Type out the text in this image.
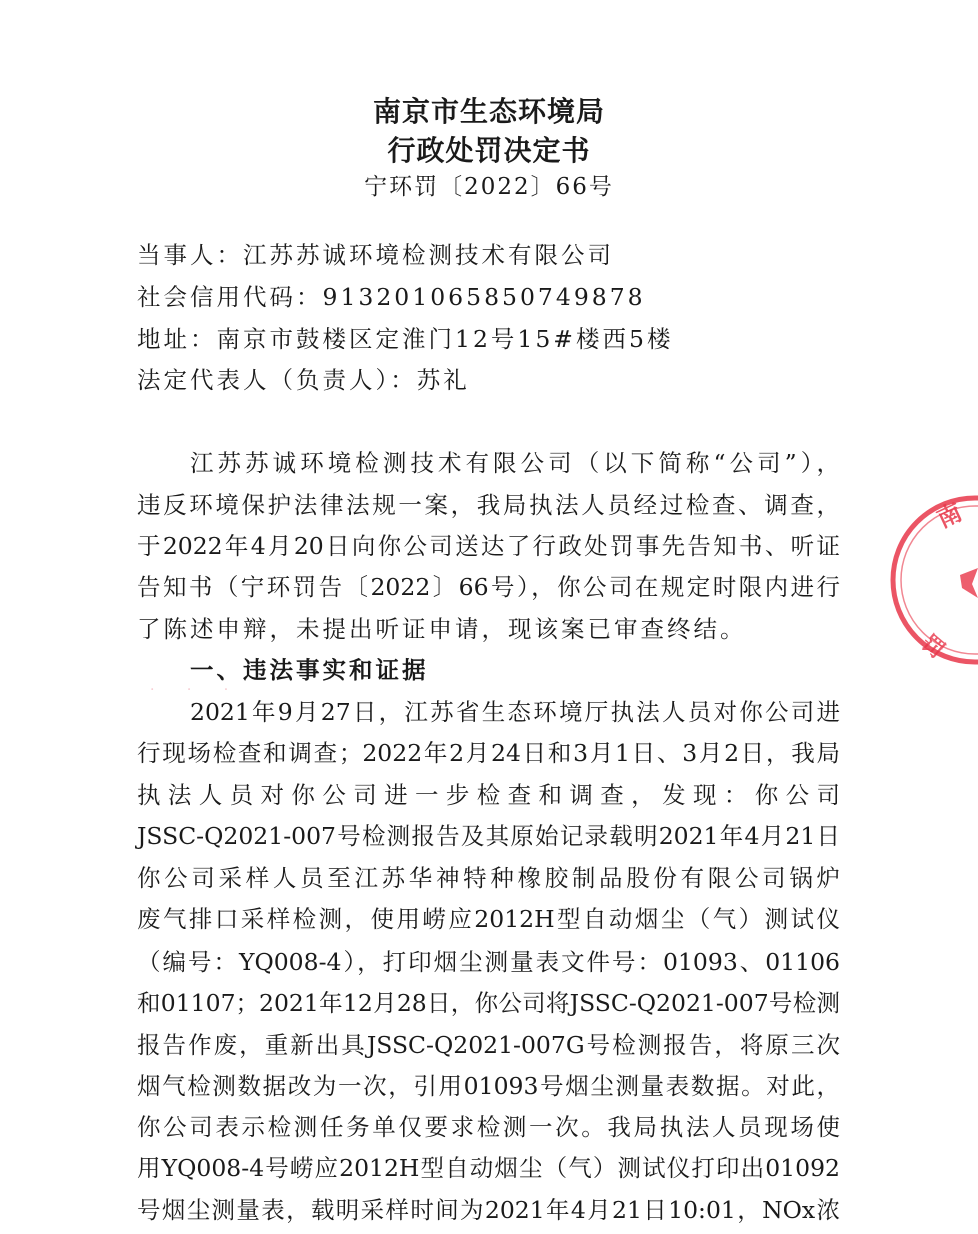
南京市生态环境局
行政处罚决定书
宁环罚〔2022〕66号
当事人：江苏苏诚环境检测技术有限公司
社会信用代码：913201065850749878
地址：南京市鼓楼区定淮门12号15#楼西5楼
法定代表人（负责人）：苏礼
江苏苏诚环境检测技术有限公司（以下简称“公司”），
违反环境保护法律法规一案，我局执法人员经过检查、调查，
于2022年4月20日向你公司送达了行政处罚事先告知书、听证
告知书（宁环罚告〔2022〕66号），你公司在规定时限内进行
了陈述申辩，未提出听证申请，现该案已审查终结。
一、违法事实和证据
· · ·
2021年9月27日，江苏省生态环境厅执法人员对你公司进
行现场检查和调查；2022年2月24日和3月1日、3月2日，我局
执法人员对你公司进一步检查和调查，发现：你公司
JSSC-Q2021-007号检测报告及其原始记录载明2021年4月21日
你公司采样人员至江苏华神特种橡胶制品股份有限公司锅炉
废气排口采样检测，使用崂应2012H型自动烟尘（气）测试仪
（编号：YQ008-4），打印烟尘测量表文件号：01093、01106
和01107；2021年12月28日，你公司将JSSC-Q2021-007号检测
报告作废，重新出具JSSC-Q2021-007G号检测报告，将原三次
烟气检测数据改为一次，引用01093号烟尘测量表数据。对此，
你公司表示检测任务单仅要求检测一次。我局执法人员现场使
用YQ008-4号崂应2012H型自动烟尘（气）测试仪打印出01092
号烟尘测量表，载明采样时间为2021年4月21日10:01，NOx浓
南
罚
